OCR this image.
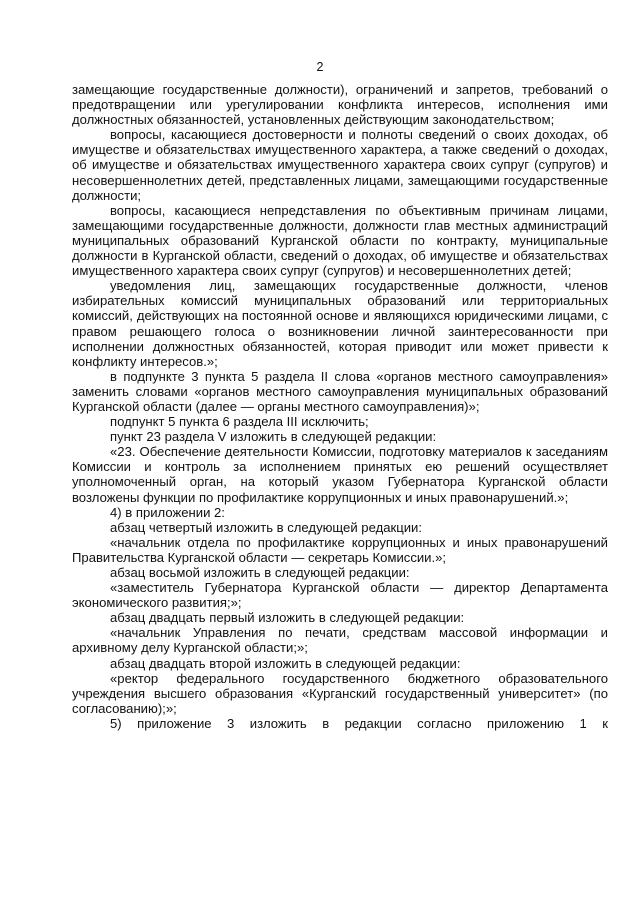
2

замещающие государственные должности), ограничений и запретов, требований о предотвращении или урегулировании конфликта интересов, исполнения ими должностных обязанностей, установленных действующим законодательством;

вопросы, касающиеся достоверности и полноты сведений о своих доходах, об имуществе и обязательствах имущественного характера, а также сведений о доходах, об имуществе и обязательствах имущественного характера своих супруг (супругов) и несовершеннолетних детей, представленных лицами, замещающими государственные должности;

вопросы, касающиеся непредставления по объективным причинам лицами, замещающими государственные должности, должности глав местных администраций муниципальных образований Курганской области по контракту, муниципальные должности в Курганской области, сведений о доходах, об имуществе и обязательствах имущественного характера своих супруг (супругов) и несовершеннолетних детей;

уведомления лиц, замещающих государственные должности, членов избирательных комиссий муниципальных образований или территориальных комиссий, действующих на постоянной основе и являющихся юридическими лицами, с правом решающего голоса о возникновении личной заинтересованности при исполнении должностных обязанностей, которая приводит или может привести к конфликту интересов.»;

в подпункте 3 пункта 5 раздела II слова «органов местного самоуправления» заменить словами «органов местного самоуправления муниципальных образований Курганской области (далее — органы местного самоуправления)»;

подпункт 5 пункта 6 раздела III исключить;

пункт 23 раздела V изложить в следующей редакции:

«23. Обеспечение деятельности Комиссии, подготовку материалов к заседаниям Комиссии и контроль за исполнением принятых ею решений осуществляет уполномоченный орган, на который указом Губернатора Курганской области возложены функции по профилактике коррупционных и иных правонарушений.»;

4) в приложении 2:

абзац четвертый изложить в следующей редакции:

«начальник отдела по профилактике коррупционных и иных правонарушений Правительства Курганской области — секретарь Комиссии.»;

абзац восьмой изложить в следующей редакции:

«заместитель Губернатора Курганской области — директор Департамента экономического развития;»;

абзац двадцать первый изложить в следующей редакции:

«начальник Управления по печати, средствам массовой информации и архивному делу Курганской области;»;

абзац двадцать второй изложить в следующей редакции:

«ректор федерального государственного бюджетного образовательного учреждения высшего образования «Курганский государственный университет» (по согласованию);»;

5) приложение 3 изложить в редакции согласно приложению 1 к
